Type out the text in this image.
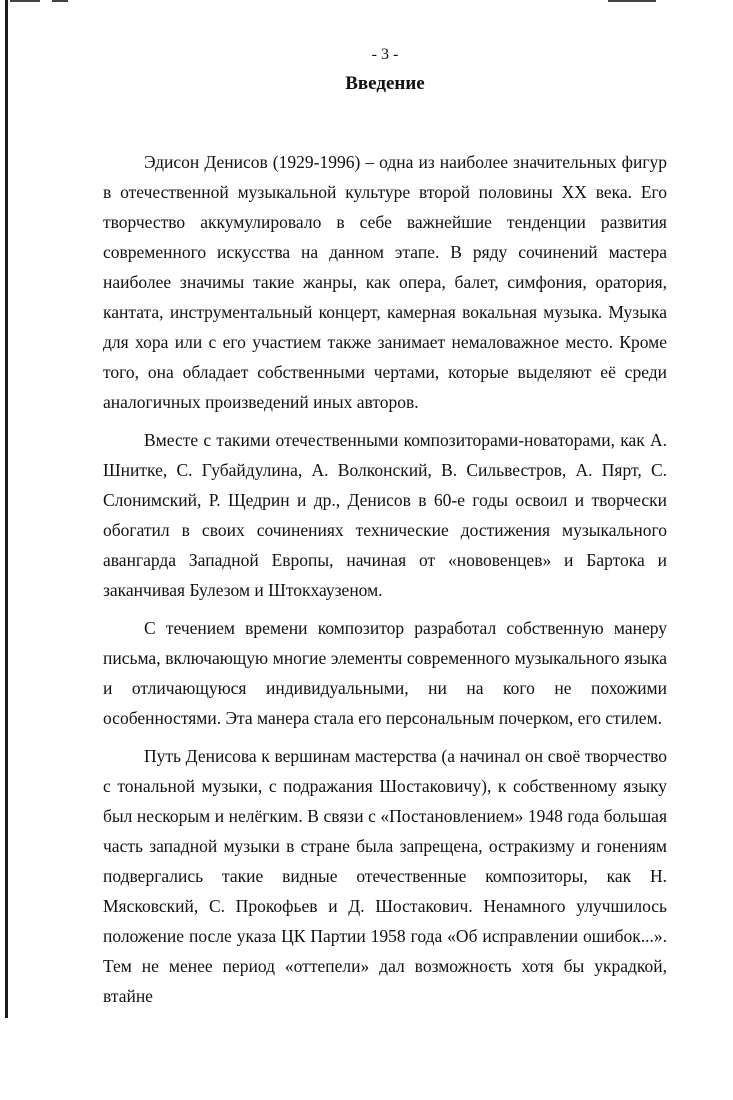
- 3 -
Введение

Эдисон Денисов (1929-1996) – одна из наиболее значительных фигур в отечественной музыкальной культуре второй половины XX века. Его творчество аккумулировало в себе важнейшие тенденции развития современного искусства на данном этапе. В ряду сочинений мастера наиболее значимы такие жанры, как опера, балет, симфония, оратория, кантата, инструментальный концерт, камерная вокальная музыка. Музыка для хора или с его участием также занимает немаловажное место. Кроме того, она обладает собственными чертами, которые выделяют её среди аналогичных произведений иных авторов.

Вместе с такими отечественными композиторами-новаторами, как А. Шнитке, С. Губайдулина, А. Волконский, В. Сильвестров, А. Пярт, С. Слонимский, Р. Щедрин и др., Денисов в 60-е годы освоил и творчески обогатил в своих сочинениях технические достижения музыкального авангарда Западной Европы, начиная от «нововенцев» и Бартока и заканчивая Булезом и Штокхаузеном.

С течением времени композитор разработал собственную манеру письма, включающую многие элементы современного музыкального языка и отличающуюся индивидуальными, ни на кого не похожими особенностями. Эта манера стала его персональным почерком, его стилем.

Путь Денисова к вершинам мастерства (а начинал он своё творчество с тональной музыки, с подражания Шостаковичу), к собственному языку был нескорым и нелёгким. В связи с «Постановлением» 1948 года большая часть западной музыки в стране была запрещена, остракизму и гонениям подвергались такие видные отечественные композиторы, как Н. Мясковский, С. Прокофьев и Д. Шостакович. Ненамного улучшилось положение после указа ЦК Партии 1958 года «Об исправлении ошибок...». Тем не менее период «оттепели» дал возможность хотя бы украдкой, втайне
